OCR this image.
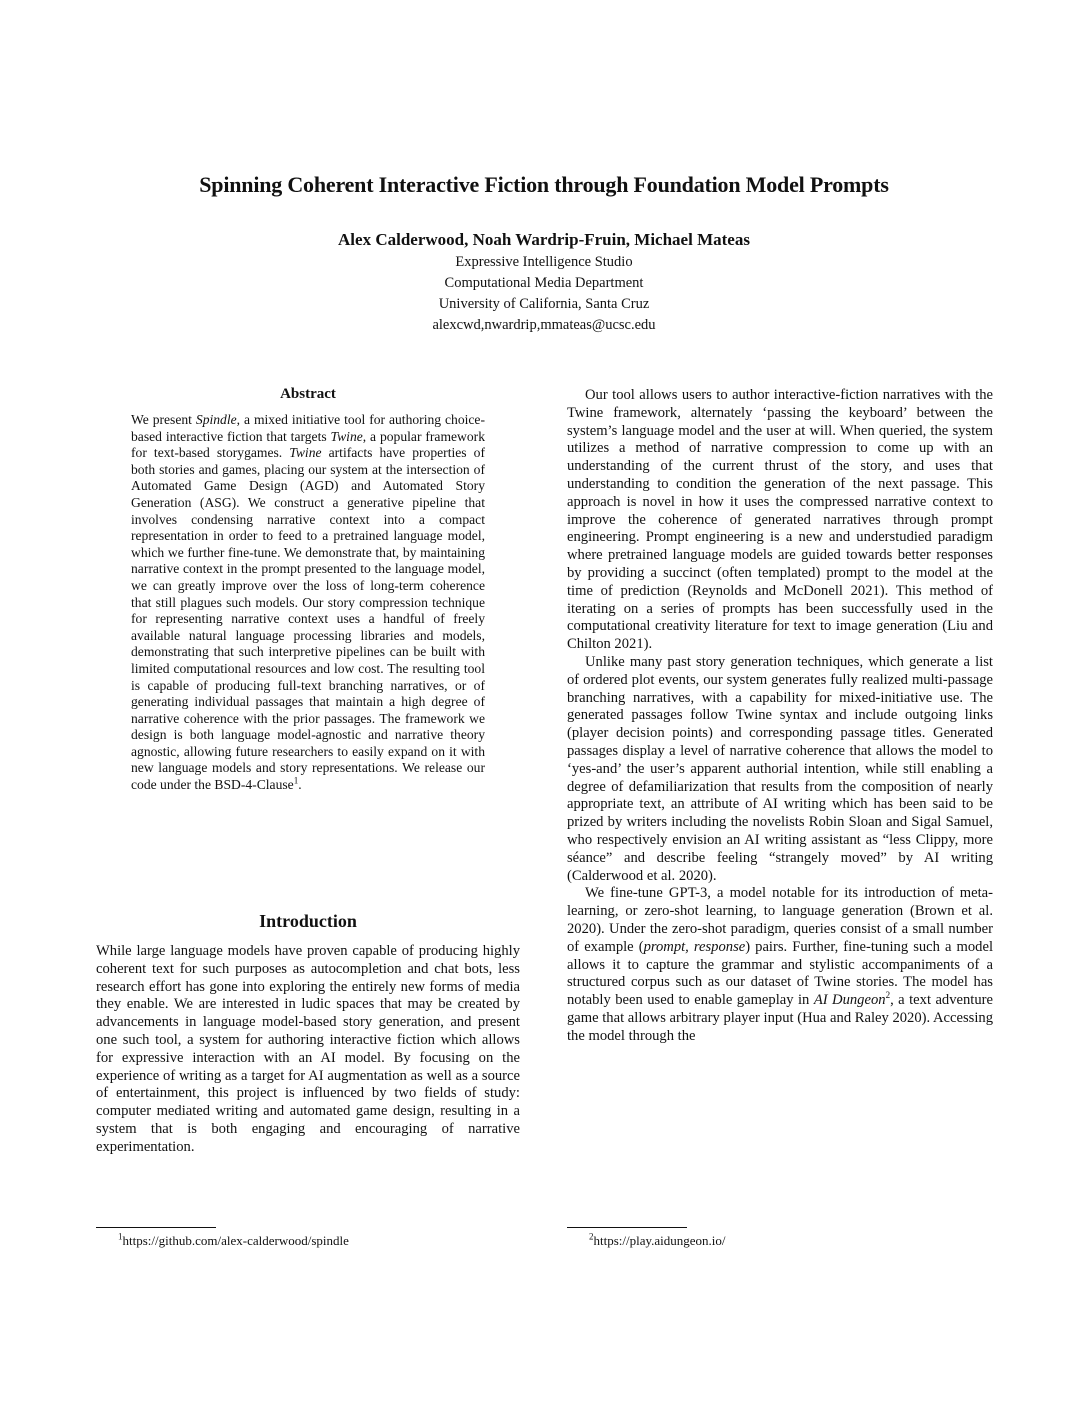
Spinning Coherent Interactive Fiction through Foundation Model Prompts
Alex Calderwood, Noah Wardrip-Fruin, Michael Mateas
Expressive Intelligence Studio
Computational Media Department
University of California, Santa Cruz
alexcwd,nwardrip,mmateas@ucsc.edu
Abstract
We present Spindle, a mixed initiative tool for authoring choice-based interactive fiction that targets Twine, a popular framework for text-based storygames. Twine artifacts have properties of both stories and games, placing our system at the intersection of Automated Game Design (AGD) and Automated Story Generation (ASG). We construct a generative pipeline that involves condensing narrative context into a compact representation in order to feed to a pretrained language model, which we further fine-tune. We demonstrate that, by maintaining narrative context in the prompt presented to the language model, we can greatly improve over the loss of long-term coherence that still plagues such models. Our story compression technique for representing narrative context uses a handful of freely available natural language processing libraries and models, demonstrating that such interpretive pipelines can be built with limited computational resources and low cost. The resulting tool is capable of producing full-text branching narratives, or of generating individual passages that maintain a high degree of narrative coherence with the prior passages. The framework we design is both language model-agnostic and narrative theory agnostic, allowing future researchers to easily expand on it with new language models and story representations. We release our code under the BSD-4-Clause$^1$.
Introduction

While large language models have proven capable of producing highly coherent text for such purposes as autocompletion and chat bots, less research effort has gone into exploring the entirely new forms of media they enable. We are interested in ludic spaces that may be created by advancements in language model-based story generation, and present one such tool, a system for authoring interactive fiction which allows for expressive interaction with an AI model. By focusing on the experience of writing as a target for AI augmentation as well as a source of entertainment, this project is influenced by two fields of study: computer mediated writing and automated game design, resulting in a system that is both engaging and encouraging of narrative experimentation.

Our tool allows users to author interactive-fiction narratives with the Twine framework, alternately ‘passing the keyboard’ between the system’s language model and the user at will. When queried, the system utilizes a method of narrative compression to come up with an understanding of the current thrust of the story, and uses that understanding to condition the generation of the next passage. This approach is novel in how it uses the compressed narrative context to improve the coherence of generated narratives through prompt engineering. Prompt engineering is a new and understudied paradigm where pretrained language models are guided towards better responses by providing a succinct (often templated) prompt to the model at the time of prediction (Reynolds and McDonell 2021). This method of iterating on a series of prompts has been successfully used in the computational creativity literature for text to image generation (Liu and Chilton 2021).

Unlike many past story generation techniques, which generate a list of ordered plot events, our system generates fully realized multi-passage branching narratives, with a capability for mixed-initiative use. The generated passages follow Twine syntax and include outgoing links (player decision points) and corresponding passage titles. Generated passages display a level of narrative coherence that allows the model to ‘yes-and’ the user’s apparent authorial intention, while still enabling a degree of defamiliarization that results from the composition of nearly appropriate text, an attribute of AI writing which has been said to be prized by writers including the novelists Robin Sloan and Sigal Samuel, who respectively envision an AI writing assistant as “less Clippy, more séance” and describe feeling “strangely moved” by AI writing (Calderwood et al. 2020).

We fine-tune GPT-3, a model notable for its introduction of meta-learning, or zero-shot learning, to language generation (Brown et al. 2020). Under the zero-shot paradigm, queries consist of a small number of example (prompt, response) pairs. Further, fine-tuning such a model allows it to capture the grammar and stylistic accompaniments of a structured corpus such as our dataset of Twine stories. The model has notably been used to enable gameplay in AI Dungeon$^2$, a text adventure game that allows arbitrary player input (Hua and Raley 2020). Accessing the model through the

$^1$https://github.com/alex-calderwood/spindle	$^2$https://play.aidungeon.io/
